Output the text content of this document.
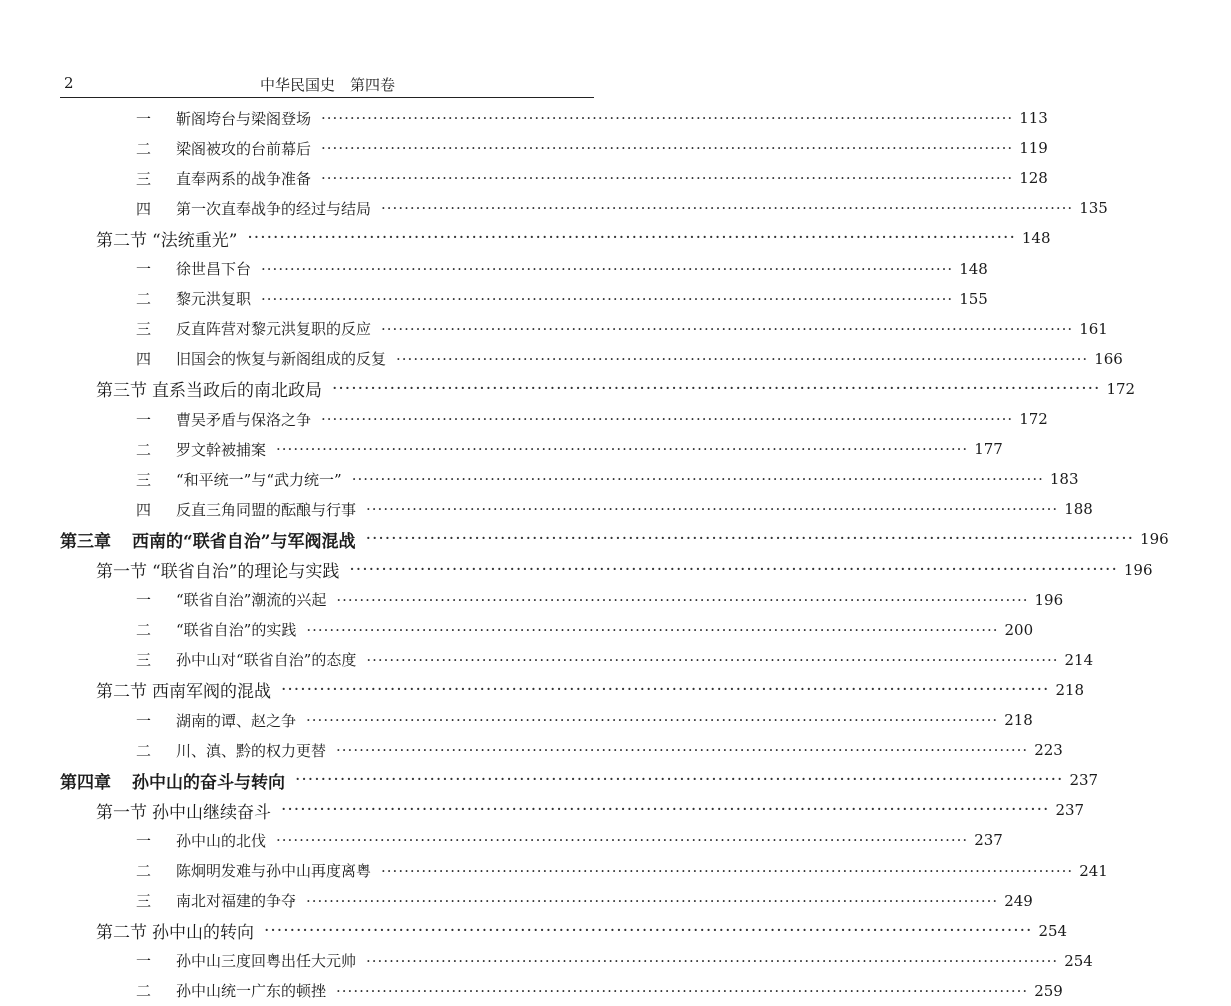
2	中华民国史　第四卷
一 靳阁垮台与梁阁登场 ························································································································ 113
二 梁阁被攻的台前幕后 ························································································································ 119
三 直奉两系的战争准备 ························································································································ 128
四 第一次直奉战争的经过与结局 ························································································································ 135
第二节 “法统重光” ························································································································ 148
一 徐世昌下台 ························································································································ 148
二 黎元洪复职 ························································································································ 155
三 反直阵营对黎元洪复职的反应 ························································································································ 161
四 旧国会的恢复与新阁组成的反复 ························································································································ 166
第三节 直系当政后的南北政局 ························································································································ 172
一 曹吴矛盾与保洛之争 ························································································································ 172
二 罗文幹被捕案 ························································································································ 177
三 “和平统一”与“武力统一” ························································································································ 183
四 反直三角同盟的酝酿与行事 ························································································································ 188
第三章 西南的“联省自治”与军阀混战 ························································································································ 196
第一节 “联省自治”的理论与实践 ························································································································ 196
一 “联省自治”潮流的兴起 ························································································································ 196
二 “联省自治”的实践 ························································································································ 200
三 孙中山对“联省自治”的态度 ························································································································ 214
第二节 西南军阀的混战 ························································································································ 218
一 湖南的谭、赵之争 ························································································································ 218
二 川、滇、黔的权力更替 ························································································································ 223
第四章 孙中山的奋斗与转向 ························································································································ 237
第一节 孙中山继续奋斗 ························································································································ 237
一 孙中山的北伐 ························································································································ 237
二 陈炯明发难与孙中山再度离粤 ························································································································ 241
三 南北对福建的争夺 ························································································································ 249
第二节 孙中山的转向 ························································································································ 254
一 孙中山三度回粤出任大元帅 ························································································································ 254
二 孙中山统一广东的顿挫 ························································································································ 259
